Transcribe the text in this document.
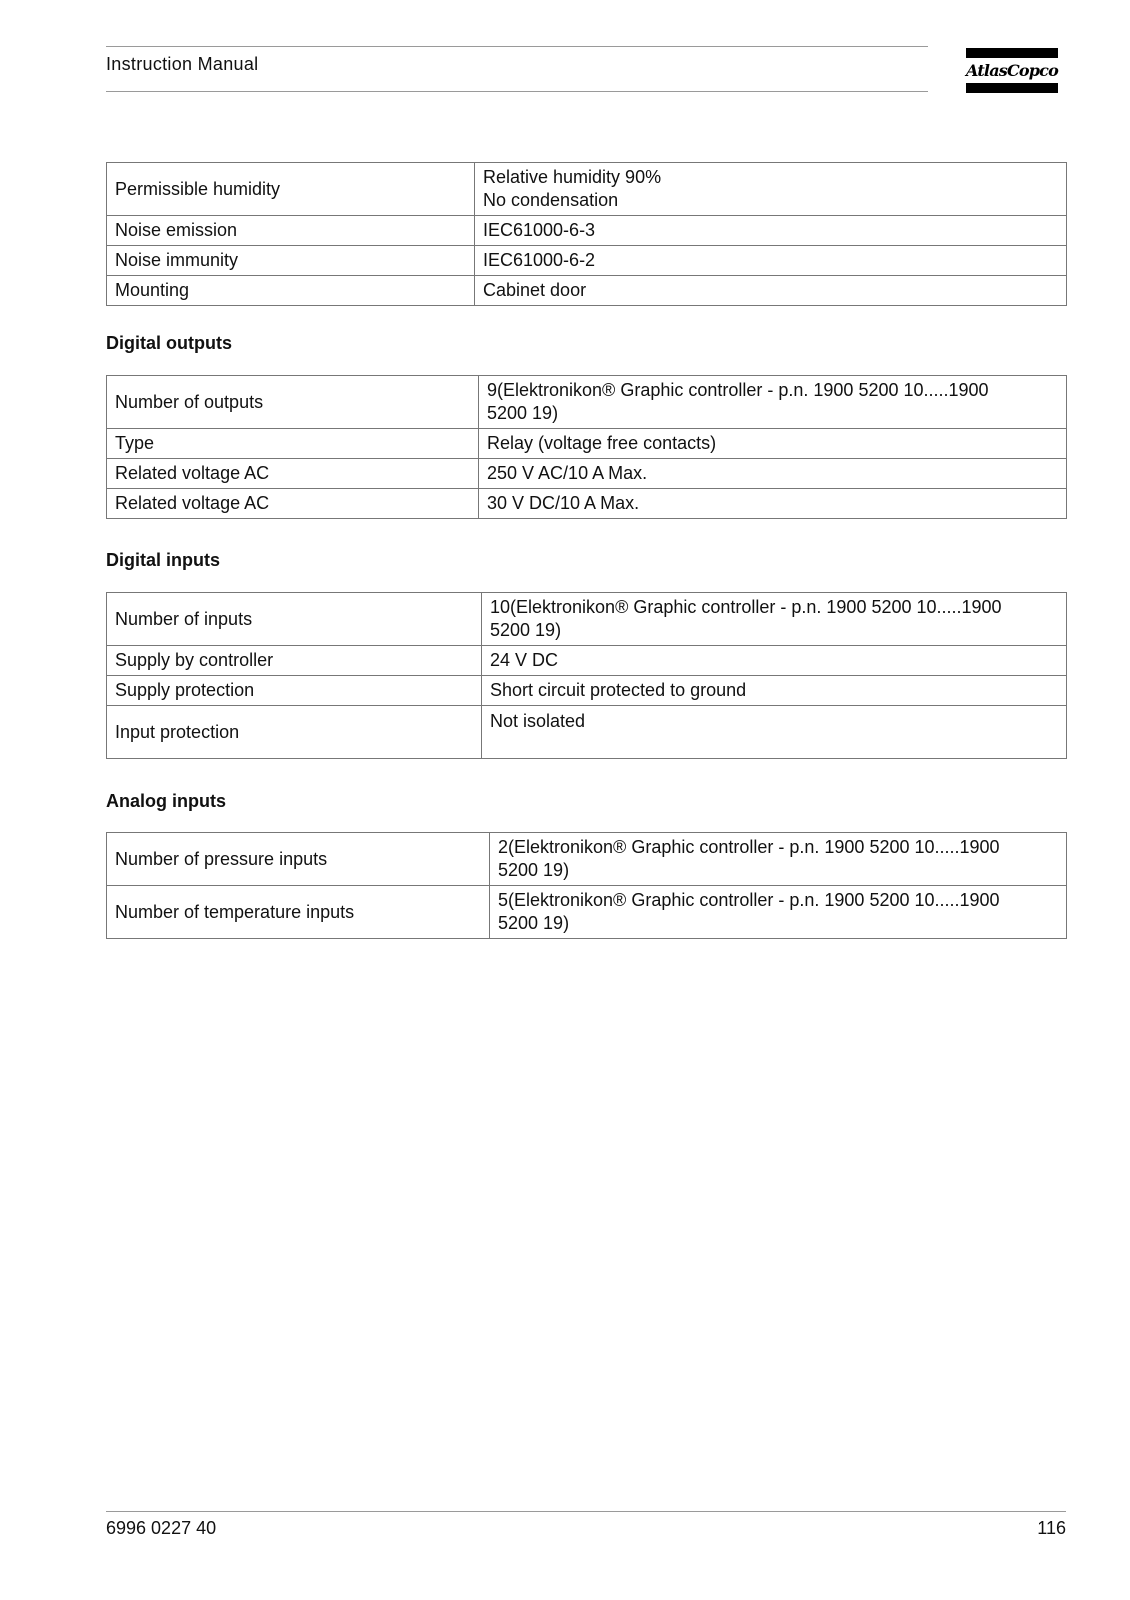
Instruction Manual	AtlasCopco
Permissible humidity	Relative humidity 90%
No condensation

Noise emission	IEC61000-6-3
Noise immunity	IEC61000-6-2
Mounting	Cabinet door
Digital outputs
Number of outputs	9(Elektronikon® Graphic controller - p.n. 1900 5200 10.....1900
5200 19)

Type	Relay (voltage free contacts)
Related voltage AC	250 V AC/10 A Max.
Related voltage AC	30 V DC/10 A Max.
Digital inputs
Number of inputs	10(Elektronikon® Graphic controller - p.n. 1900 5200 10.....1900
5200 19)

Supply by controller	24 V DC
Supply protection	Short circuit protected to ground
Input protection	Not isolated
Analog inputs
Number of pressure inputs	2(Elektronikon® Graphic controller - p.n. 1900 5200 10.....1900
5200 19)

Number of temperature inputs	5(Elektronikon® Graphic controller - p.n. 1900 5200 10.....1900
5200 19)
6996 0227 40	116
